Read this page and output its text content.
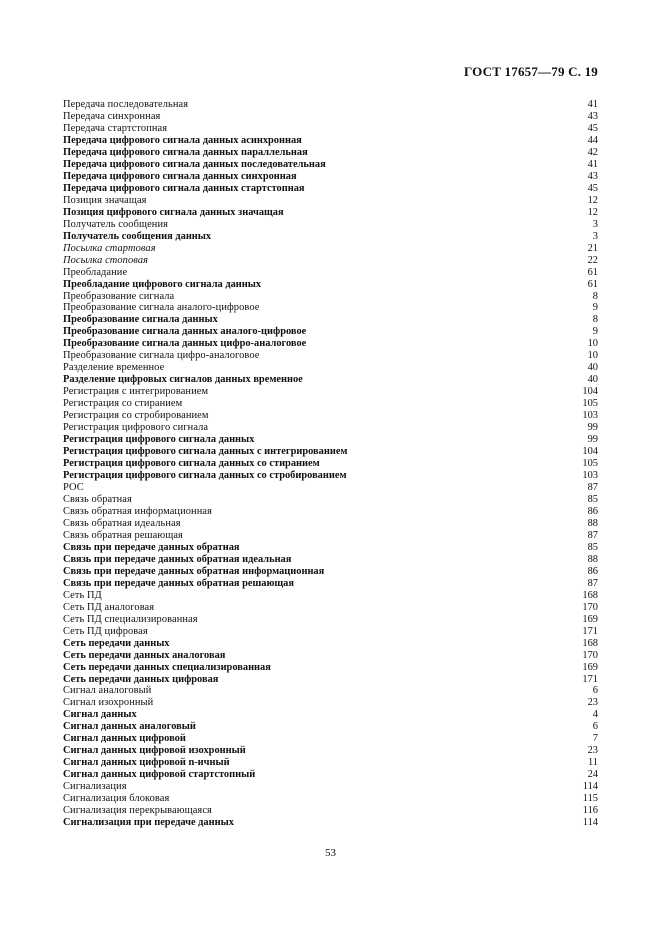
ГОСТ 17657—79 С. 19
Передача последовательная	41
Передача синхронная	43
Передача стартстопная	45
Передача цифрового сигнала данных асинхронная	44
Передача цифрового сигнала данных параллельная	42
Передача цифрового сигнала данных последовательная	41
Передача цифрового сигнала данных синхронная	43
Передача цифрового сигнала данных стартстопная	45
Позиция значащая	12
Позиция цифрового сигнала данных значащая	12
Получатель сообщения	3
Получатель сообщения данных	3
Посылка стартовая	21
Посылка стоповая	22
Преобладание	61
Преобладание цифрового сигнала данных	61
Преобразование сигнала	8
Преобразование сигнала аналого-цифровое	9
Преобразование сигнала данных	8
Преобразование сигнала данных аналого-цифровое	9
Преобразование сигнала данных цифро-аналоговое	10
Преобразование сигнала цифро-аналоговое	10
Разделение временное	40
Разделение цифровых сигналов данных временное	40
Регистрация с интегрированием	104
Регистрация со стиранием	105
Регистрация со стробированием	103
Регистрация цифрового сигнала	99
Регистрация цифрового сигнала данных	99
Регистрация цифрового сигнала данных с интегрированием	104
Регистрация цифрового сигнала данных со стиранием	105
Регистрация цифрового сигнала данных со стробированием	103
РОС	87
Связь обратная	85
Связь обратная информационная	86
Связь обратная идеальная	88
Связь обратная решающая	87
Связь при передаче данных обратная	85
Связь при передаче данных обратная идеальная	88
Связь при передаче данных обратная информационная	86
Связь при передаче данных обратная решающая	87
Сеть ПД	168
Сеть ПД аналоговая	170
Сеть ПД специализированная	169
Сеть ПД цифровая	171
Сеть передачи данных	168
Сеть передачи данных аналоговая	170
Сеть передачи данных специализированная	169
Сеть передачи данных цифровая	171
Сигнал аналоговый	6
Сигнал изохронный	23
Сигнал данных	4
Сигнал данных аналоговый	6
Сигнал данных цифровой	7
Сигнал данных цифровой изохронный	23
Сигнал данных цифровой n-ичный	11
Сигнал данных цифровой стартстопный	24
Сигнализация	114
Сигнализация блоковая	115
Сигнализация перекрывающаяся	116
Сигнализация при передаче данных	114
53
